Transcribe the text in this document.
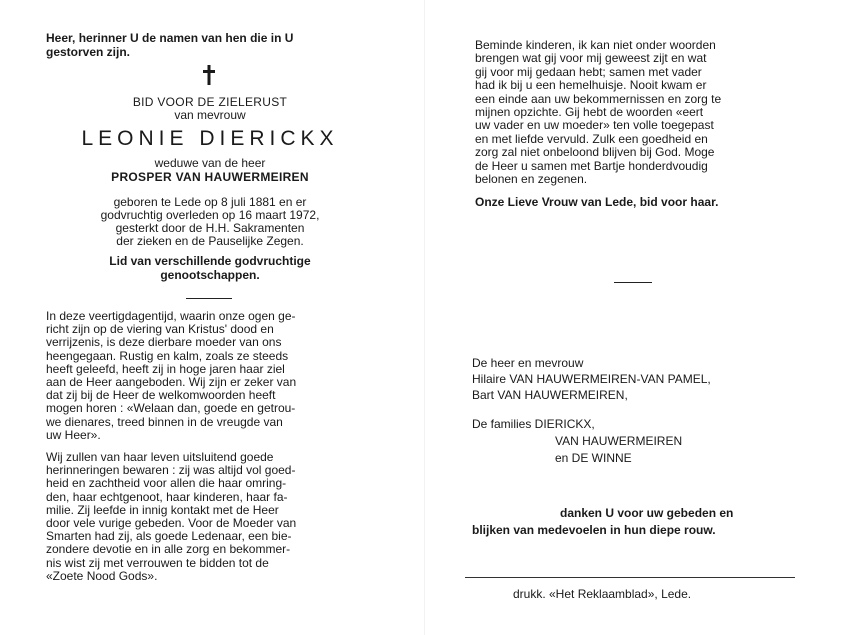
Heer, herinner U de namen van hen die in U
gestorven zijn.
BID VOOR DE ZIELERUST
van mevrouw
LEONIE DIERICKX
weduwe van de heer
PROSPER VAN HAUWERMEIREN
geboren te Lede op 8 juli 1881 en er
godvruchtig overleden op 16 maart 1972,
gesterkt door de H.H. Sakramenten
der zieken en de Pauselijke Zegen.
Lid van verschillende godvruchtige
genootschappen.
In deze veertigdagentijd, waarin onze ogen ge-
richt zijn op de viering van Kristus' dood en
verrijzenis, is deze dierbare moeder van ons
heengegaan. Rustig en kalm, zoals ze steeds
heeft geleefd, heeft zij in hoge jaren haar ziel
aan de Heer aangeboden. Wij zijn er zeker van
dat zij bij de Heer de welkomwoorden heeft
mogen horen : «Welaan dan, goede en getrou-
we dienares, treed binnen in de vreugde van
uw Heer».
Wij zullen van haar leven uitsluitend goede
herinneringen bewaren : zij was altijd vol goed-
heid en zachtheid voor allen die haar omring-
den, haar echtgenoot, haar kinderen, haar fa-
milie. Zij leefde in innig kontakt met de Heer
door vele vurige gebeden. Voor de Moeder van
Smarten had zij, als goede Ledenaar, een bie-
zondere devotie en in alle zorg en bekommer-
nis wist zij met verrouwen te bidden tot de
«Zoete Nood Gods».
Beminde kinderen, ik kan niet onder woorden
brengen wat gij voor mij geweest zijt en wat
gij voor mij gedaan hebt; samen met vader
had ik bij u een hemelhuisje. Nooit kwam er
een einde aan uw bekommernissen en zorg te
mijnen opzichte. Gij hebt de woorden «eert
uw vader en uw moeder» ten volle toegepast
en met liefde vervuld. Zulk een goedheid en
zorg zal niet onbeloond blijven bij God. Moge
de Heer u samen met Bartje honderdvoudig
belonen en zegenen.
Onze Lieve Vrouw van Lede, bid voor haar.
De heer en mevrouw
Hilaire VAN HAUWERMEIREN-VAN PAMEL,
Bart VAN HAUWERMEIREN,
De families DIERICKX,
VAN HAUWERMEIREN
en DE WINNE
danken U voor uw gebeden en
blijken van medevoelen in hun diepe rouw.
drukk. «Het Reklaamblad», Lede.
